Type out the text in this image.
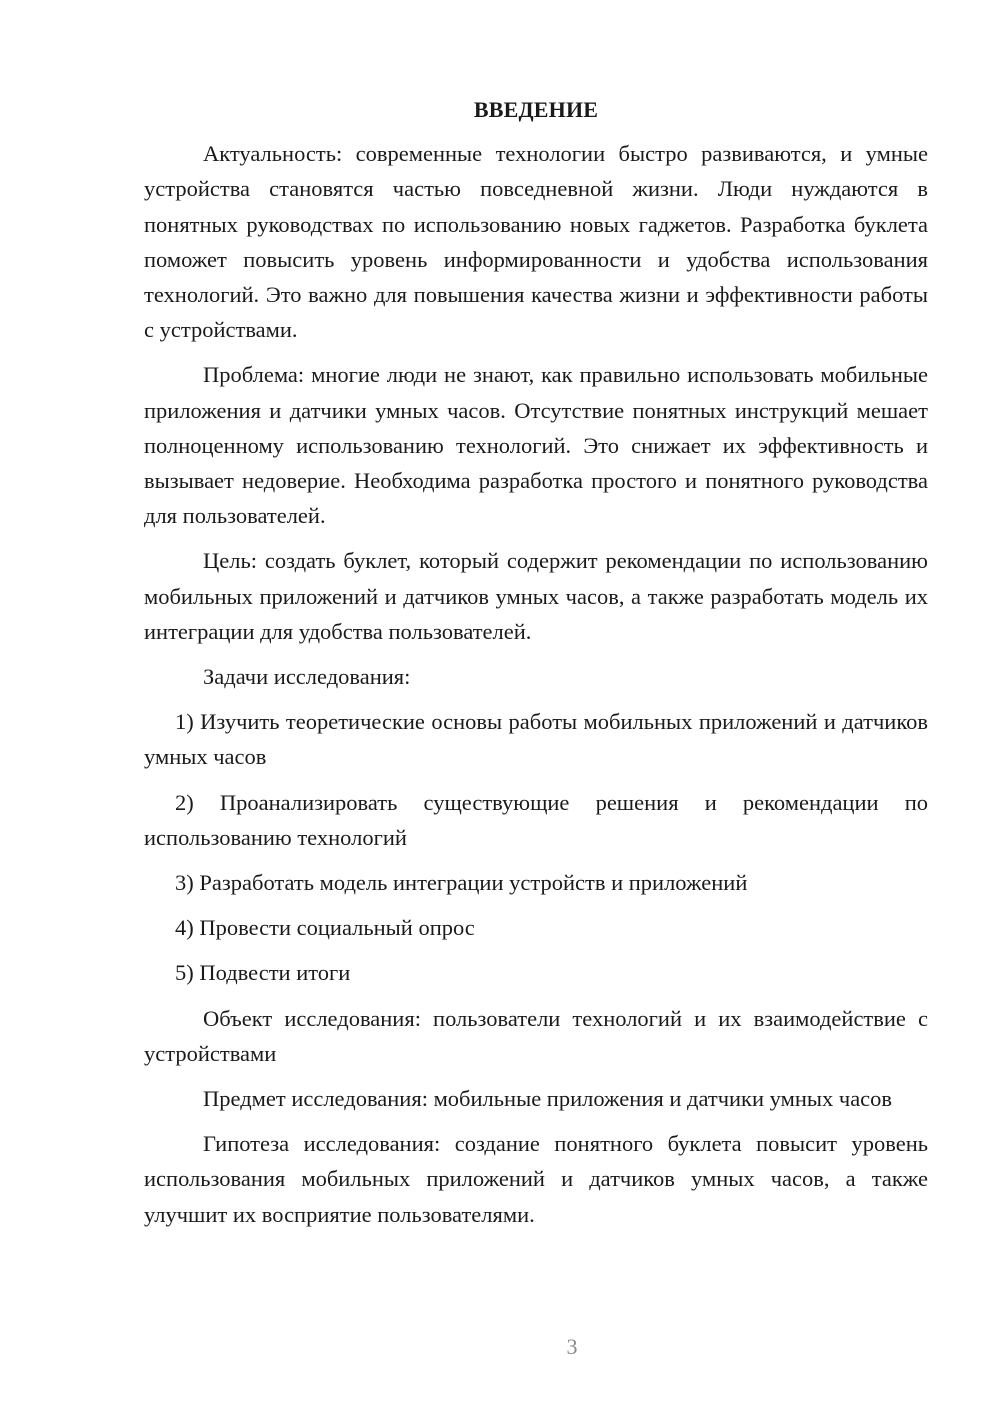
ВВЕДЕНИЕ

Актуальность: современные технологии быстро развиваются, и умные устройства становятся частью повседневной жизни. Люди нуждаются в понятных руководствах по использованию новых гаджетов. Разработка буклета поможет повысить уровень информированности и удобства использования технологий. Это важно для повышения качества жизни и эффективности работы с устройствами.

Проблема: многие люди не знают, как правильно использовать мобильные приложения и датчики умных часов. Отсутствие понятных инструкций мешает полноценному использованию технологий. Это снижает их эффективность и вызывает недоверие. Необходима разработка простого и понятного руководства для пользователей.

Цель: создать буклет, который содержит рекомендации по использованию мобильных приложений и датчиков умных часов, а также разработать модель их интеграции для удобства пользователей.

Задачи исследования:

1) Изучить теоретические основы работы мобильных приложений и датчиков умных часов

2) Проанализировать существующие решения и рекомендации по использованию технологий

3) Разработать модель интеграции устройств и приложений

4) Провести социальный опрос

5) Подвести итоги

Объект исследования: пользователи технологий и их взаимодействие с устройствами

Предмет исследования: мобильные приложения и датчики умных часов

Гипотеза исследования: создание понятного буклета повысит уровень использования мобильных приложений и датчиков умных часов, а также улучшит их восприятие пользователями.

3
